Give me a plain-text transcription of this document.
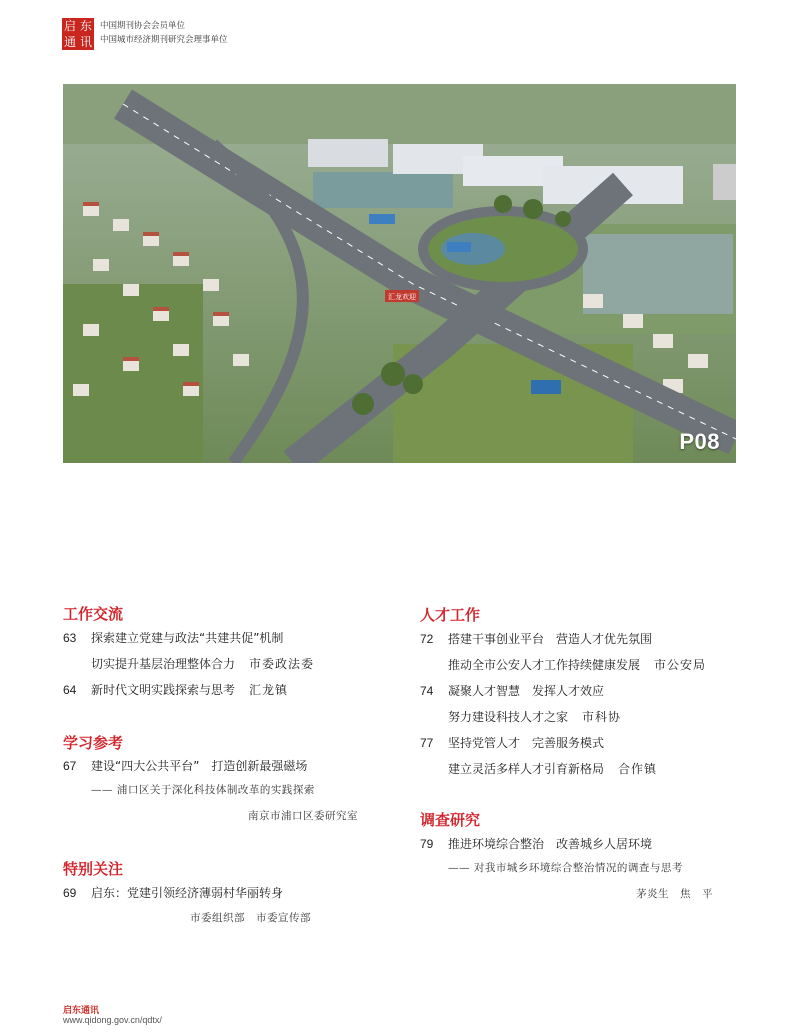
启 东
通 讯
中国期刊协会会员单位
中国城市经济期刊研究会理事单位
汇龙欢迎
P08
工作交流
63 探索建立党建与政法“共建共促”机制
切实提升基层治理整体合力 市委政法委
64 新时代文明实践探索与思考 汇龙镇
学习参考
67 建设“四大公共平台”　打造创新最强磁场
—— 浦口区关于深化科技体制改革的实践探索
南京市浦口区委研究室
特别关注
69 启东：党建引领经济薄弱村华丽转身
市委组织部　市委宣传部
人才工作
72 搭建干事创业平台　营造人才优先氛围
推动全市公安人才工作持续健康发展 市公安局
74 凝聚人才智慧　发挥人才效应
努力建设科技人才之家 市科协
77 坚持党管人才　完善服务模式
建立灵活多样人才引育新格局 合作镇
调查研究
79 推进环境综合整治　改善城乡人居环境
—— 对我市城乡环境综合整治情况的调查与思考
茅炎生　焦　平
启东通讯
www.qidong.gov.cn/qdtx/
